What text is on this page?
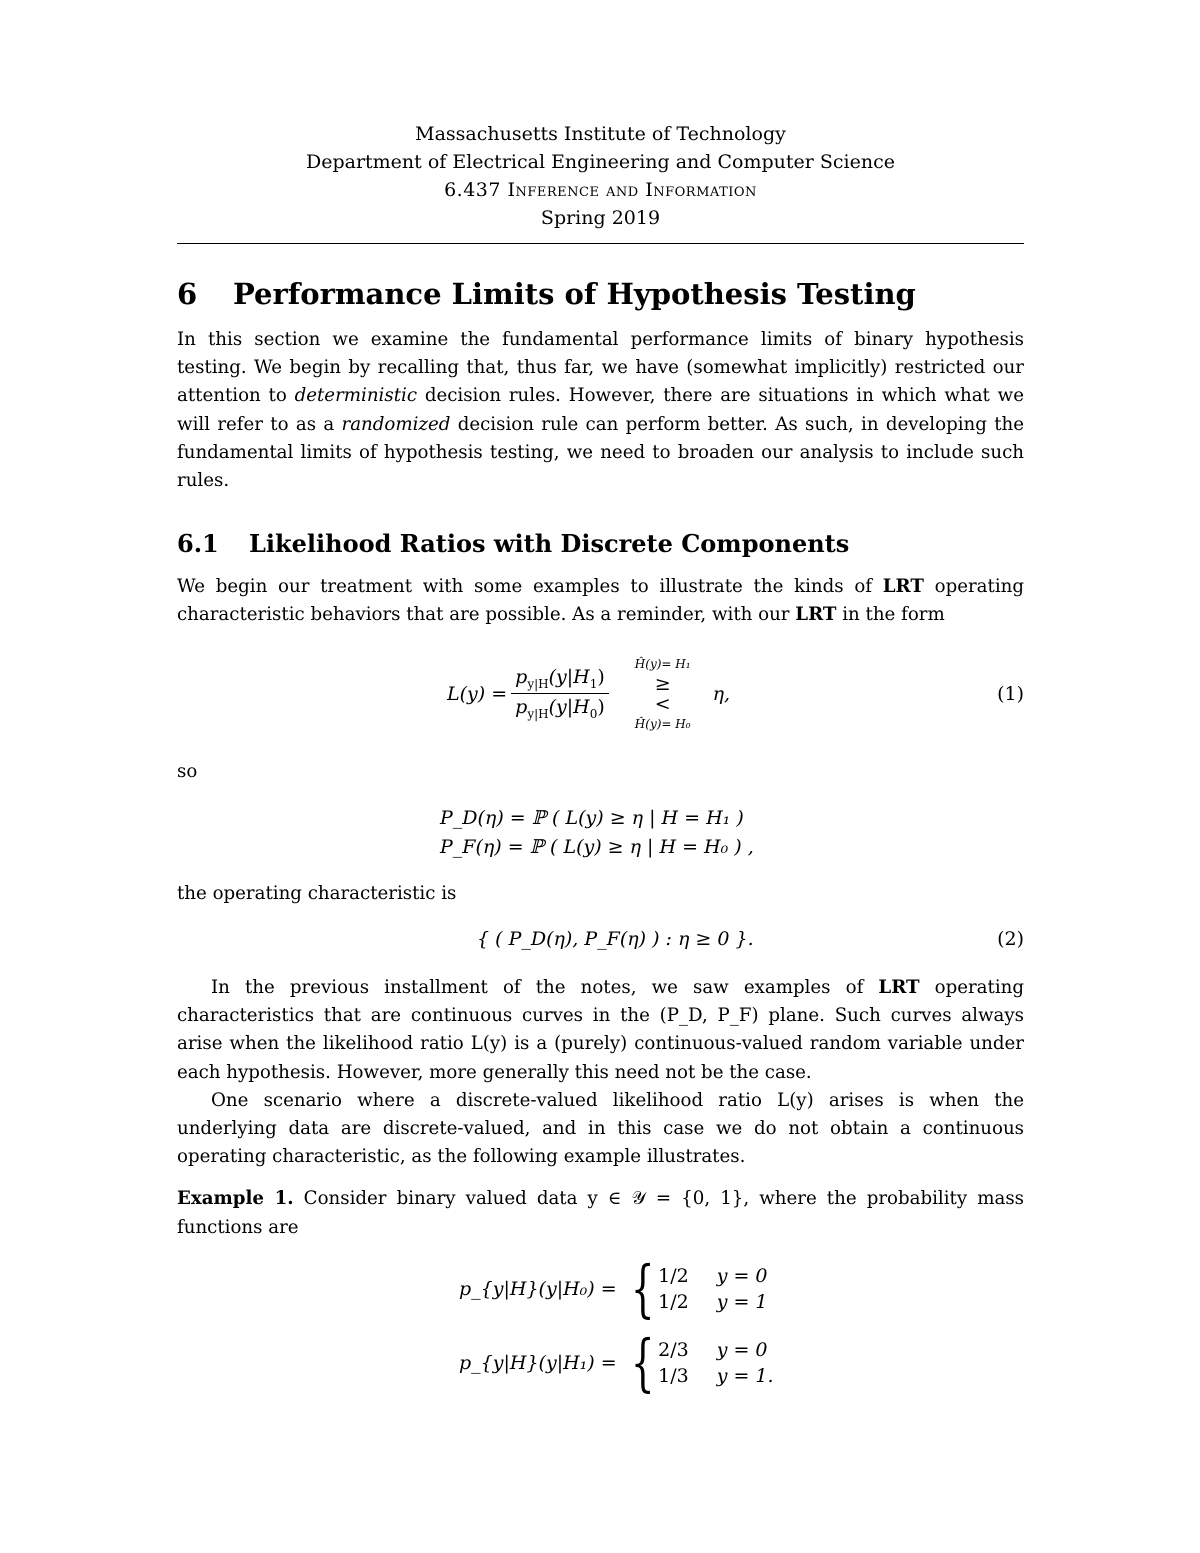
Massachusetts Institute of Technology
Department of Electrical Engineering and Computer Science
6.437 Inference and Information
Spring 2019
6 Performance Limits of Hypothesis Testing

In this section we examine the fundamental performance limits of binary hypothesis testing. We begin by recalling that, thus far, we have (somewhat implicitly) restricted our attention to deterministic decision rules. However, there are situations in which what we will refer to as a randomized decision rule can perform better. As such, in developing the fundamental limits of hypothesis testing, we need to broaden our analysis to include such rules.

6.1 Likelihood Ratios with Discrete Components

We begin our treatment with some examples to illustrate the kinds of LRT operating characteristic behaviors that are possible. As a reminder, with our LRT in the form

$L(y) = \frac{p_{y|H}(y|H_1)}{p_{y|H}(y|H_0)}$
Ĥ(y)= H₁
≥
<
Ĥ(y)= H₀
η,	(1)

so

P_D(η) = ℙ ( L(y) ≥ η | H = H₁ )
P_F(η) = ℙ ( L(y) ≥ η | H = H₀ ) ,

the operating characteristic is

{ ( P_D(η), P_F(η) ) : η ≥ 0 }.	(2)

In the previous installment of the notes, we saw examples of LRT operating characteristics that are continuous curves in the (P_D, P_F) plane. Such curves always arise when the likelihood ratio L(y) is a (purely) continuous-valued random variable under each hypothesis. However, more generally this need not be the case.

One scenario where a discrete-valued likelihood ratio L(y) arises is when the underlying data are discrete-valued, and in this case we do not obtain a continuous operating characteristic, as the following example illustrates.

Example 1. Consider binary valued data y ∈ 𝒴 = {0, 1}, where the probability mass functions are

p_{y|H}(y|H₀) = { 1/2 y = 0
1/2 y = 1
p_{y|H}(y|H₁) = { 2/3 y = 0
1/3 y = 1.
